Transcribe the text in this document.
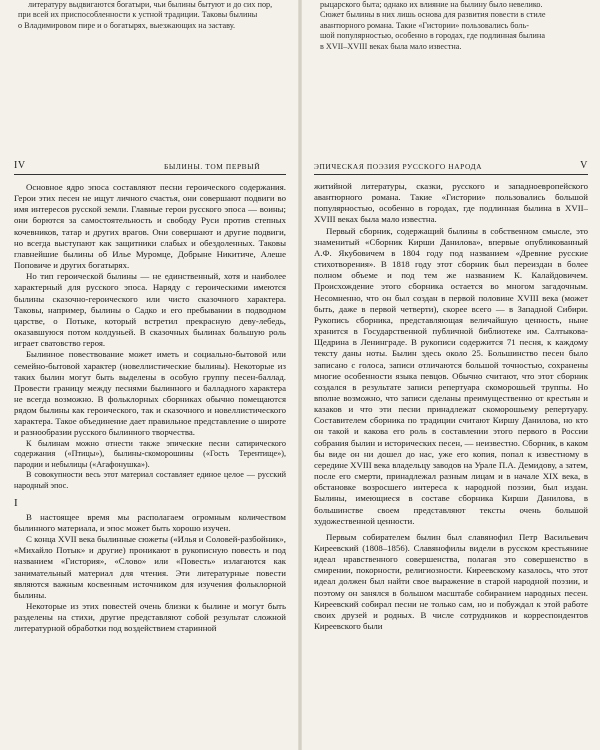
литературу выдвигаются богатыри, чьи былины бытуют и до сих пор,

при всей их приспособленности к устной традиции. Таковы былины

о Владимировом пире и о богатырях, выезжающих на заставу.

IV	БЫЛИНЫ. ТОМ ПЕРВЫЙ

Основное ядро эпоса составляют песни героического содержания. Герои этих песен не ищут личного счастья, они совершают подвиги во имя интересов русской земли. Главные герои русского эпоса — воины; они борются за самостоятельность и свободу Руси против степных кочевников, татар и других врагов. Они совершают и другие подвиги, но всегда выступают как защитники слабых и обездоленных. Таковы главнейшие былины об Илье Муромце, Добрыне Никитиче, Алеше Поповиче и других богатырях.

Но тип героической былины — не единственный, хотя и наиболее характерный для русского эпоса. Наряду с героическими имеются былины сказочно-героического или чисто сказочного характера. Таковы, например, былины о Садко и его пребывании в подводном царстве, о Потыке, который встретил прекрасную деву-лебедь, оказавшуюся потом колдуньей. В сказочных былинах большую роль играет сватовство героя.

Былинное повествование может иметь и социально-бытовой или семейно-бытовой характер (новеллистические былины). Некоторые из таких былин могут быть выделены в особую группу песен-баллад. Провести границу между песнями былинного и балладного характера не всегда возможно. В фольклорных сборниках обычно помещаются рядом былины как героического, так и сказочного и новеллистического характера. Такое объединение дает правильное представление о широте и разнообразии русского былинного творчества.

К былинам можно отнести также эпические песни сатирического содержания («Птицы»), былины-скоморошины («Гость Терентище»), пародии и небылицы («Агафонушка»).

В совокупности весь этот материал составляет единое целое — русский народный эпос.

I

В настоящее время мы располагаем огромным количеством былинного материала, и эпос может быть хорошо изучен.

С конца XVII века былинные сюжеты («Илья и Соловей-разбойник», «Михайло Потык» и другие) проникают в рукописную повесть и под названием «Гистория», «Слово» или «Повесть» излагаются как занимательный материал для чтения. Эти литературные повести являются важным косвенным источником для изучения фольклорной былины.

Некоторые из этих повестей очень близки к былине и могут быть разделены на стихи, другие представляют собой результат сложной литературной обработки под воздействием старинной

рыцарского быта; однако их влияние на былину было невелико.

Сюжет былины в них лишь основа для развития повести в стиле

авантюрного романа. Такие «Гистории» пользовались боль-

шой популярностью, особенно в городах, где подлинная былина

в XVII–XVIII веках была мало известна.

ЭПИЧЕСКАЯ ПОЭЗИЯ РУССКОГО НАРОДА	V

житийной литературы, сказки, русского и западноевропейского авантюрного романа. Такие «Гистории» пользовались большой популярностью, особенно в городах, где подлинная былина в XVII–XVIII веках была мало известна.

Первый сборник, содержащий былины в собственном смысле, это знаменитый «Сборник Кирши Данилова», впервые опубликованный А.Ф. Якубовичем в 1804 году под названием «Древние русские стихотворения». В 1818 году этот сборник был переиздан в более полном объеме и под тем же названием К. Калайдовичем. Происхождение этого сборника остается во многом загадочным. Несомненно, что он был создан в первой половине XVIII века (может быть, даже в первой четверти), скорее всего — в Западной Сибири. Рукопись сборника, представляющая величайшую ценность, ныне хранится в Государственной публичной библиотеке им. Салтыкова-Щедрина в Ленинграде. В рукописи содержится 71 песня, к каждому тексту даны ноты. Былин здесь около 25. Большинство песен было записано с голоса, записи отличаются большой точностью, сохранены многие особенности языка певцов. Обычно считают, что этот сборник создался в результате записи репертуара скоморошьей труппы. Но вполне возможно, что записи сделаны преимущественно от крестьян и казаков и что эти песни принадлежат скоморошьему репертуару. Составителем сборника по традиции считают Киршу Данилова, но кто он такой и какова его роль в составлении этого первого в России собрания былин и исторических песен, — неизвестно. Сборник, в каком бы виде он ни дошел до нас, уже его копия, попал к известному в середине XVIII века владельцу заводов на Урале П.А. Демидову, а затем, после его смерти, принадлежал разным лицам и в начале XIX века, в обстановке возросшего интереса к народной поэзии, был издан. Былины, имеющиеся в составе сборника Кирши Данилова, в большинстве своем представляют тексты очень большой художественной ценности.

Первым собирателем былин был славянофил Петр Васильевич Киреевский (1808–1856). Славянофилы видели в русском крестьянине идеал нравственного совершенства, полагая это совершенство в смирении, покорности, религиозности. Киреевскому казалось, что этот идеал должен был найти свое выражение в старой народной поэзии, и поэтому он занялся в большом масштабе собиранием народных песен. Киреевский собирал песни не только сам, но и побуждал к этой работе своих друзей и родных. В числе сотрудников и корреспондентов Киреевского были
